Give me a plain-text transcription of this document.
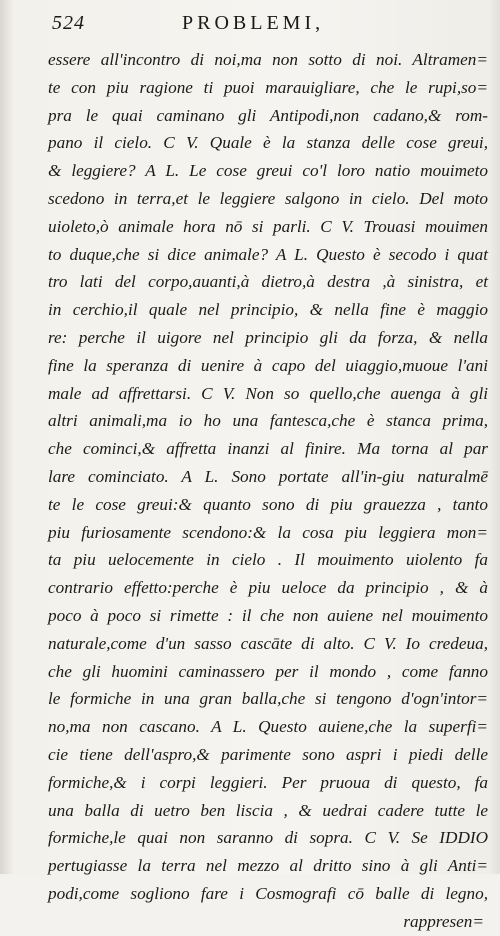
524	PROBLEMI,
essere all'incontro di noi,ma non sotto di noi. Altramen=
te con piu ragione ti puoi marauigliare, che le rupi,so=
pra le quai caminano gli Antipodi,non cadano,& rom-
pano il cielo. C V. Quale è la stanza delle cose greui,
& leggiere? A L. Le cose greui co'l loro natio mouimeto
scedono in terra,et le leggiere salgono in cielo. Del moto
uioleto,ò animale hora nō si parli. C V. Trouasi mouimen
to duque,che si dice animale? A L. Questo è secodo i quat
tro lati del corpo,auanti,à dietro,à destra ,à sinistra, et
in cerchio,il quale nel principio, & nella fine è maggio
re: perche il uigore nel principio gli da forza, & nella
fine la speranza di uenire à capo del uiaggio,muoue l'ani
male ad affrettarsi. C V. Non so quello,che auenga à gli
altri animali,ma io ho una fantesca,che è stanca prima,
che cominci,& affretta inanzi al finire. Ma torna al par
lare cominciato. A L. Sono portate all'in-giu naturalmē
te le cose greui:& quanto sono di piu grauezza , tanto
piu furiosamente scendono:& la cosa piu leggiera mon=
ta piu uelocemente in cielo . Il mouimento uiolento fa
contrario effetto:perche è piu ueloce da principio , & à
poco à poco si rimette : il che non auiene nel mouimento
naturale,come d'un sasso cascāte di alto. C V. Io credeua,
che gli huomini caminassero per il mondo , come fanno
le formiche in una gran balla,che si tengono d'ogn'intor=
no,ma non cascano. A L. Questo auiene,che la superfi=
cie tiene dell'aspro,& parimente sono aspri i piedi delle
formiche,& i corpi leggieri. Per pruoua di questo, fa
una balla di uetro ben liscia , & uedrai cadere tutte le
formiche,le quai non saranno di sopra. C V. Se IDDIO
pertugiasse la terra nel mezzo al dritto sino à gli Anti=
podi,come sogliono fare i Cosmografi cō balle di legno,
rappresen=
